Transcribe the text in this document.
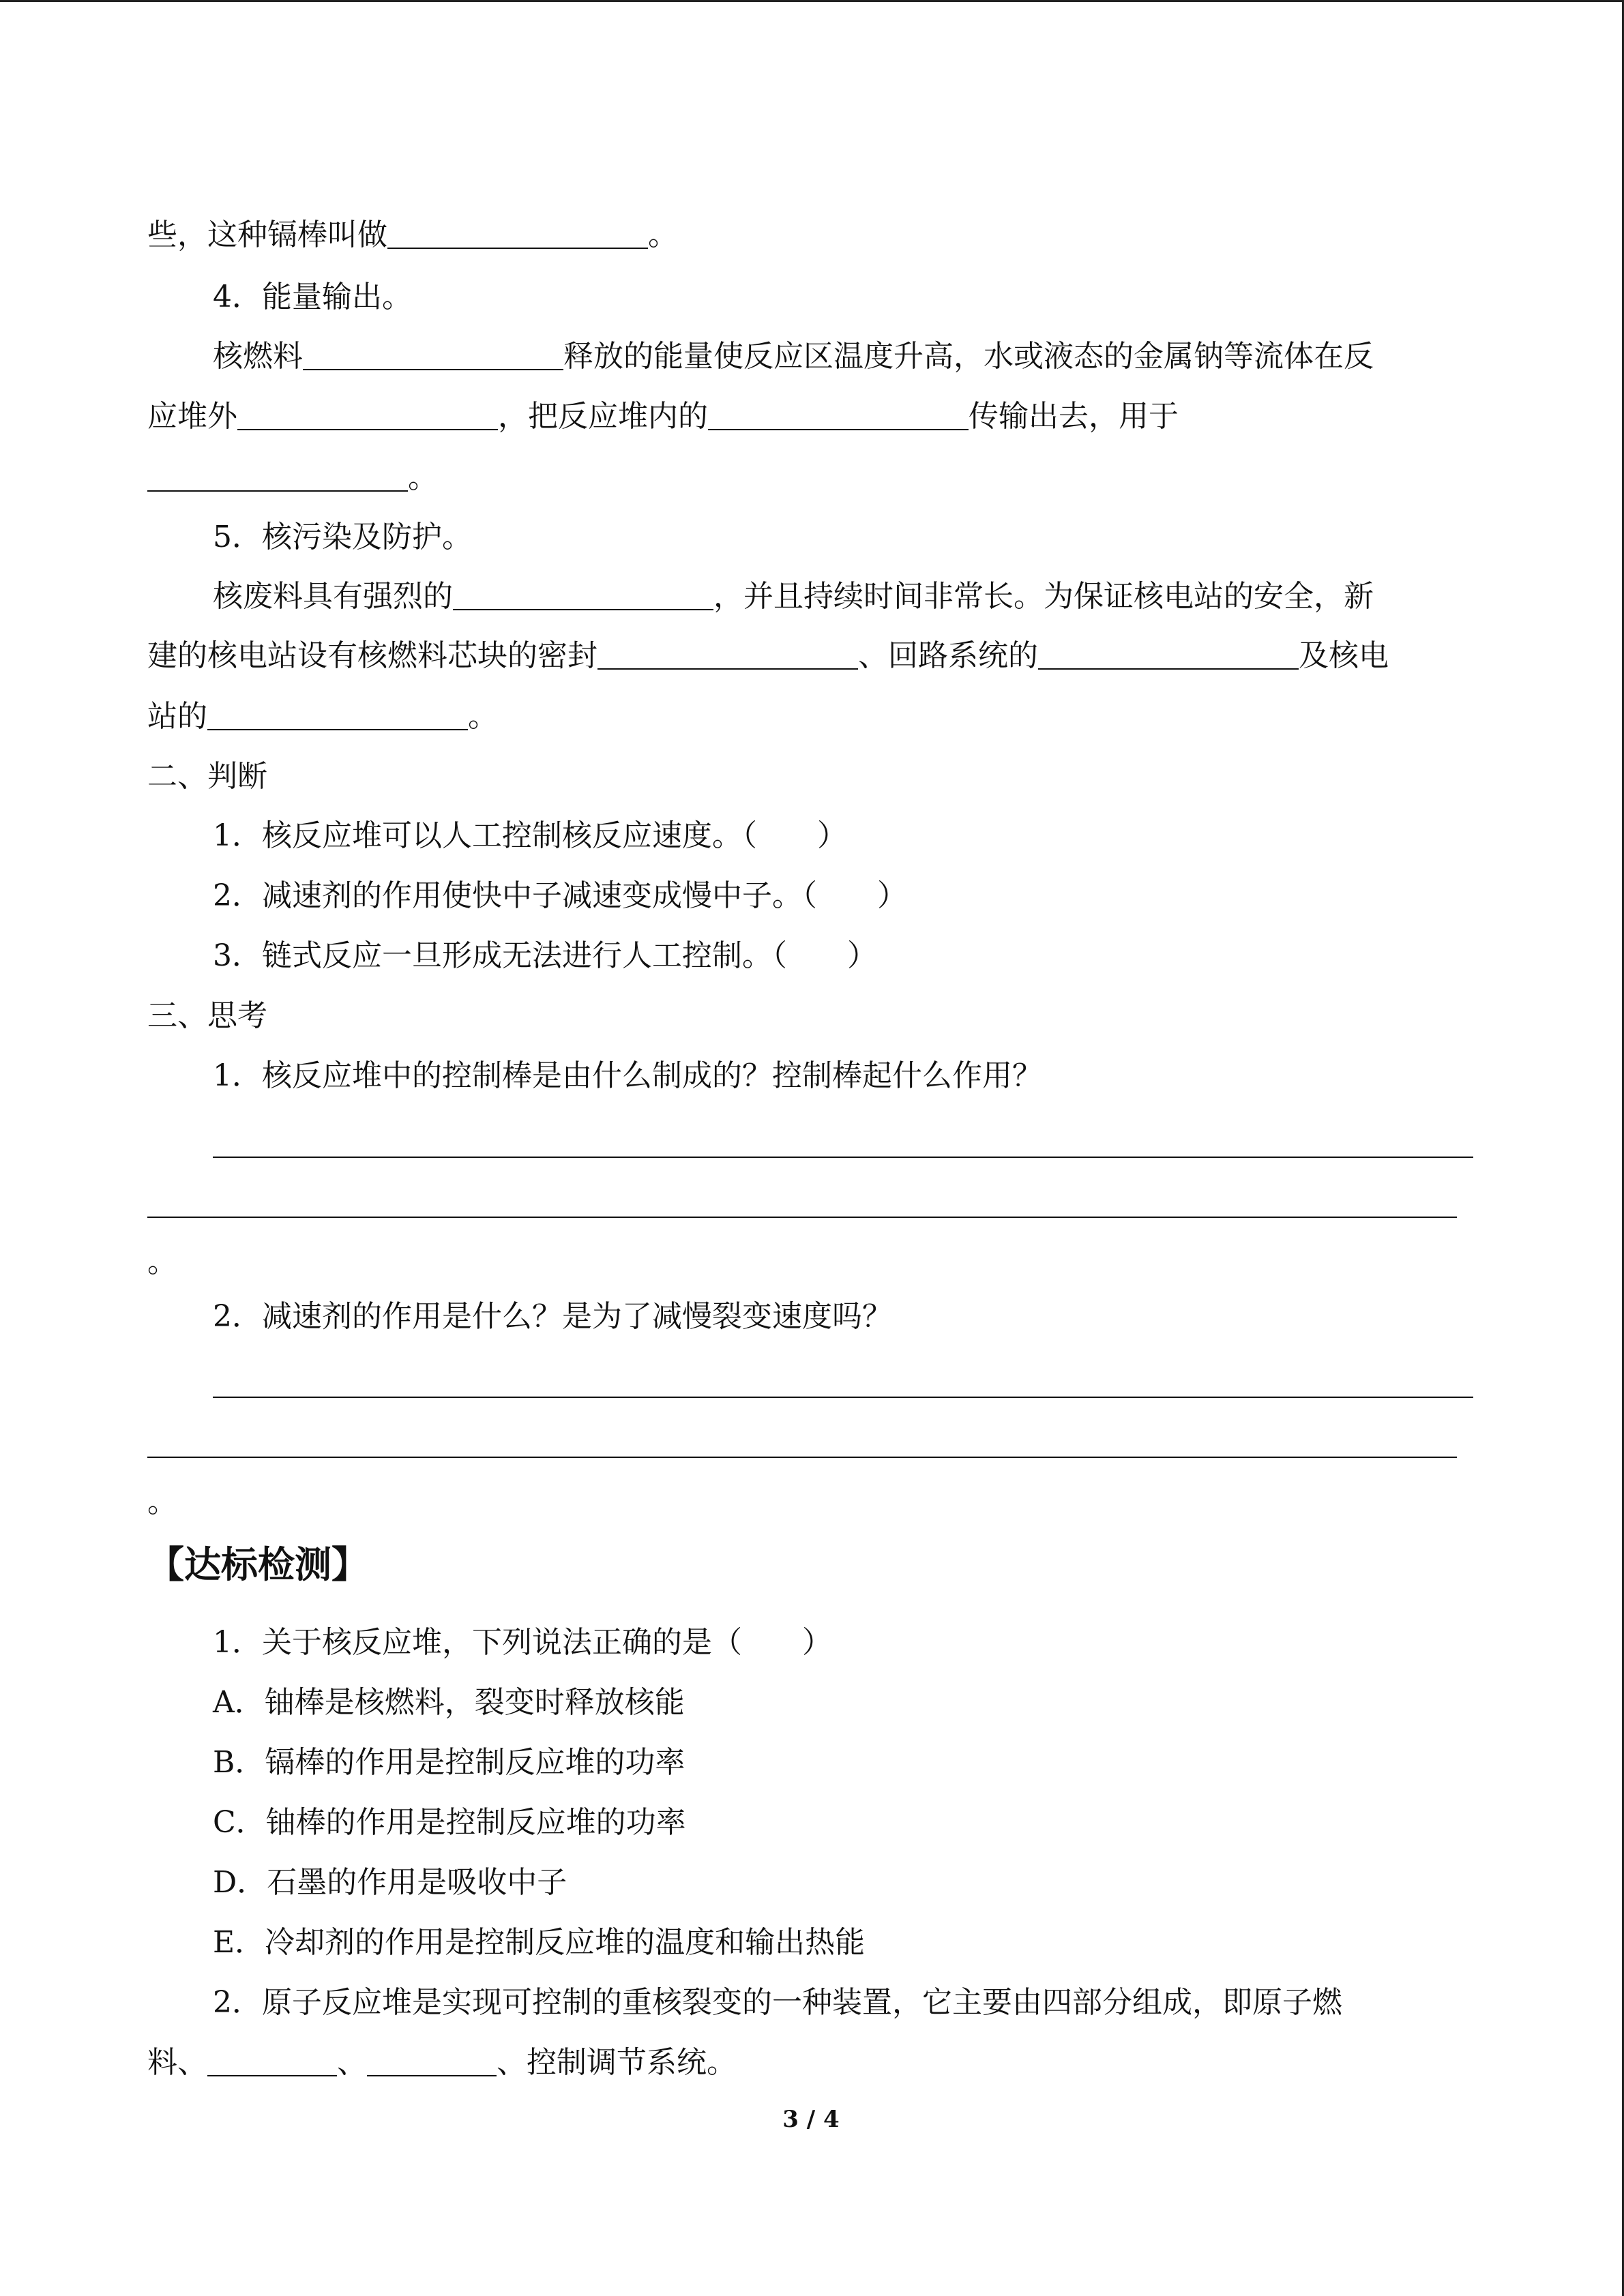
些，这种镉棒叫做	。
4．能量输出。
核燃料	释放的能量使反应区温度升高，水或液态的金属钠等流体在反
应堆外	，把反应堆内的	传输出去，用于
。
5．核污染及防护。
核废料具有强烈的	，并且持续时间非常长。为保证核电站的安全，新
建的核电站设有核燃料芯块的密封	、回路系统的	及核电
站的	。
二、判断
1．核反应堆可以人工控制核反应速度。（　　）
2．减速剂的作用使快中子减速变成慢中子。（　　）
3．链式反应一旦形成无法进行人工控制。（　　）
三、思考
1．核反应堆中的控制棒是由什么制成的？控制棒起什么作用？
。
2．减速剂的作用是什么？是为了减慢裂变速度吗？
。
【达标检测】
1．关于核反应堆，下列说法正确的是（　　）
A．铀棒是核燃料，裂变时释放核能
B．镉棒的作用是控制反应堆的功率
C．铀棒的作用是控制反应堆的功率
D．石墨的作用是吸收中子
E．冷却剂的作用是控制反应堆的温度和输出热能
2．原子反应堆是实现可控制的重核裂变的一种装置，它主要由四部分组成，即原子燃
料、	、	、控制调节系统。
3 / 4
